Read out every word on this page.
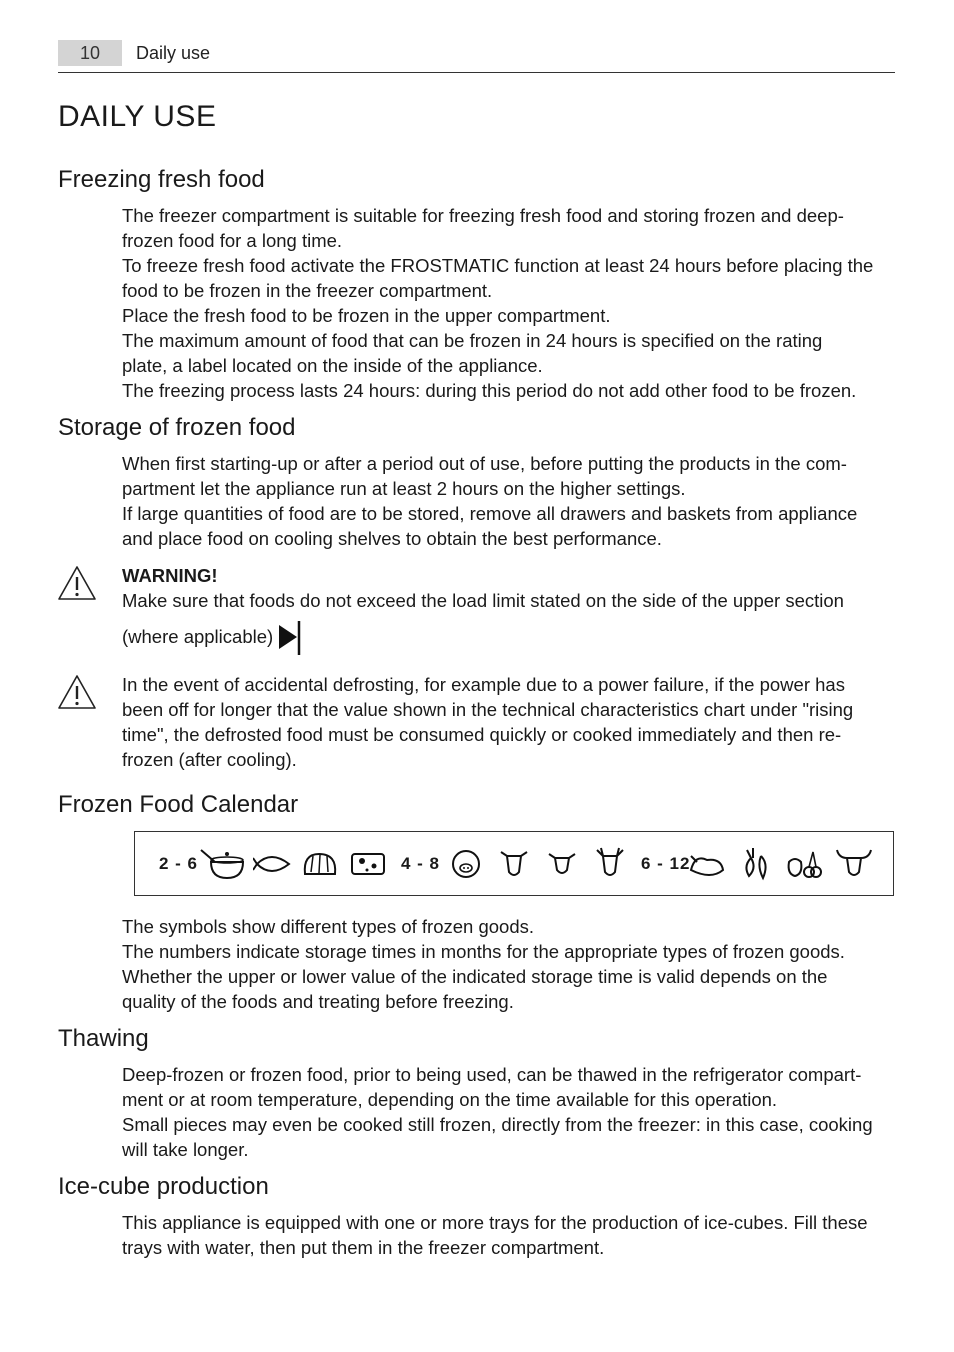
10	Daily use
DAILY USE
Freezing fresh food

The freezer compartment is suitable for freezing fresh food and storing frozen and deep-

frozen food for a long time.

To freeze fresh food activate the FROSTMATIC function at least 24 hours before placing the

food to be frozen in the freezer compartment.

Place the fresh food to be frozen in the upper compartment.

The maximum amount of food that can be frozen in 24 hours is specified on the rating

plate, a label located on the inside of the appliance.

The freezing process lasts 24 hours: during this period do not add other food to be frozen.

Storage of frozen food

When first starting-up or after a period out of use, before putting the products in the com-

partment let the appliance run at least 2 hours on the higher settings.

If large quantities of food are to be stored, remove all drawers and baskets from appliance

and place food on cooling shelves to obtain the best performance.

WARNING!

Make sure that foods do not exceed the load limit stated on the side of the upper section

(where applicable)

In the event of accidental defrosting, for example due to a power failure, if the power has

been off for longer that the value shown in the technical characteristics chart under "rising

time", the defrosted food must be consumed quickly or cooked immediately and then re-

frozen (after cooling).

Frozen Food Calendar
2 - 6	4 - 8	6 - 12

The symbols show different types of frozen goods.

The numbers indicate storage times in months for the appropriate types of frozen goods.

Whether the upper or lower value of the indicated storage time is valid depends on the

quality of the foods and treating before freezing.

Thawing

Deep-frozen or frozen food, prior to being used, can be thawed in the refrigerator compart-

ment or at room temperature, depending on the time available for this operation.

Small pieces may even be cooked still frozen, directly from the freezer: in this case, cooking

will take longer.

Ice-cube production

This appliance is equipped with one or more trays for the production of ice-cubes. Fill these

trays with water, then put them in the freezer compartment.
